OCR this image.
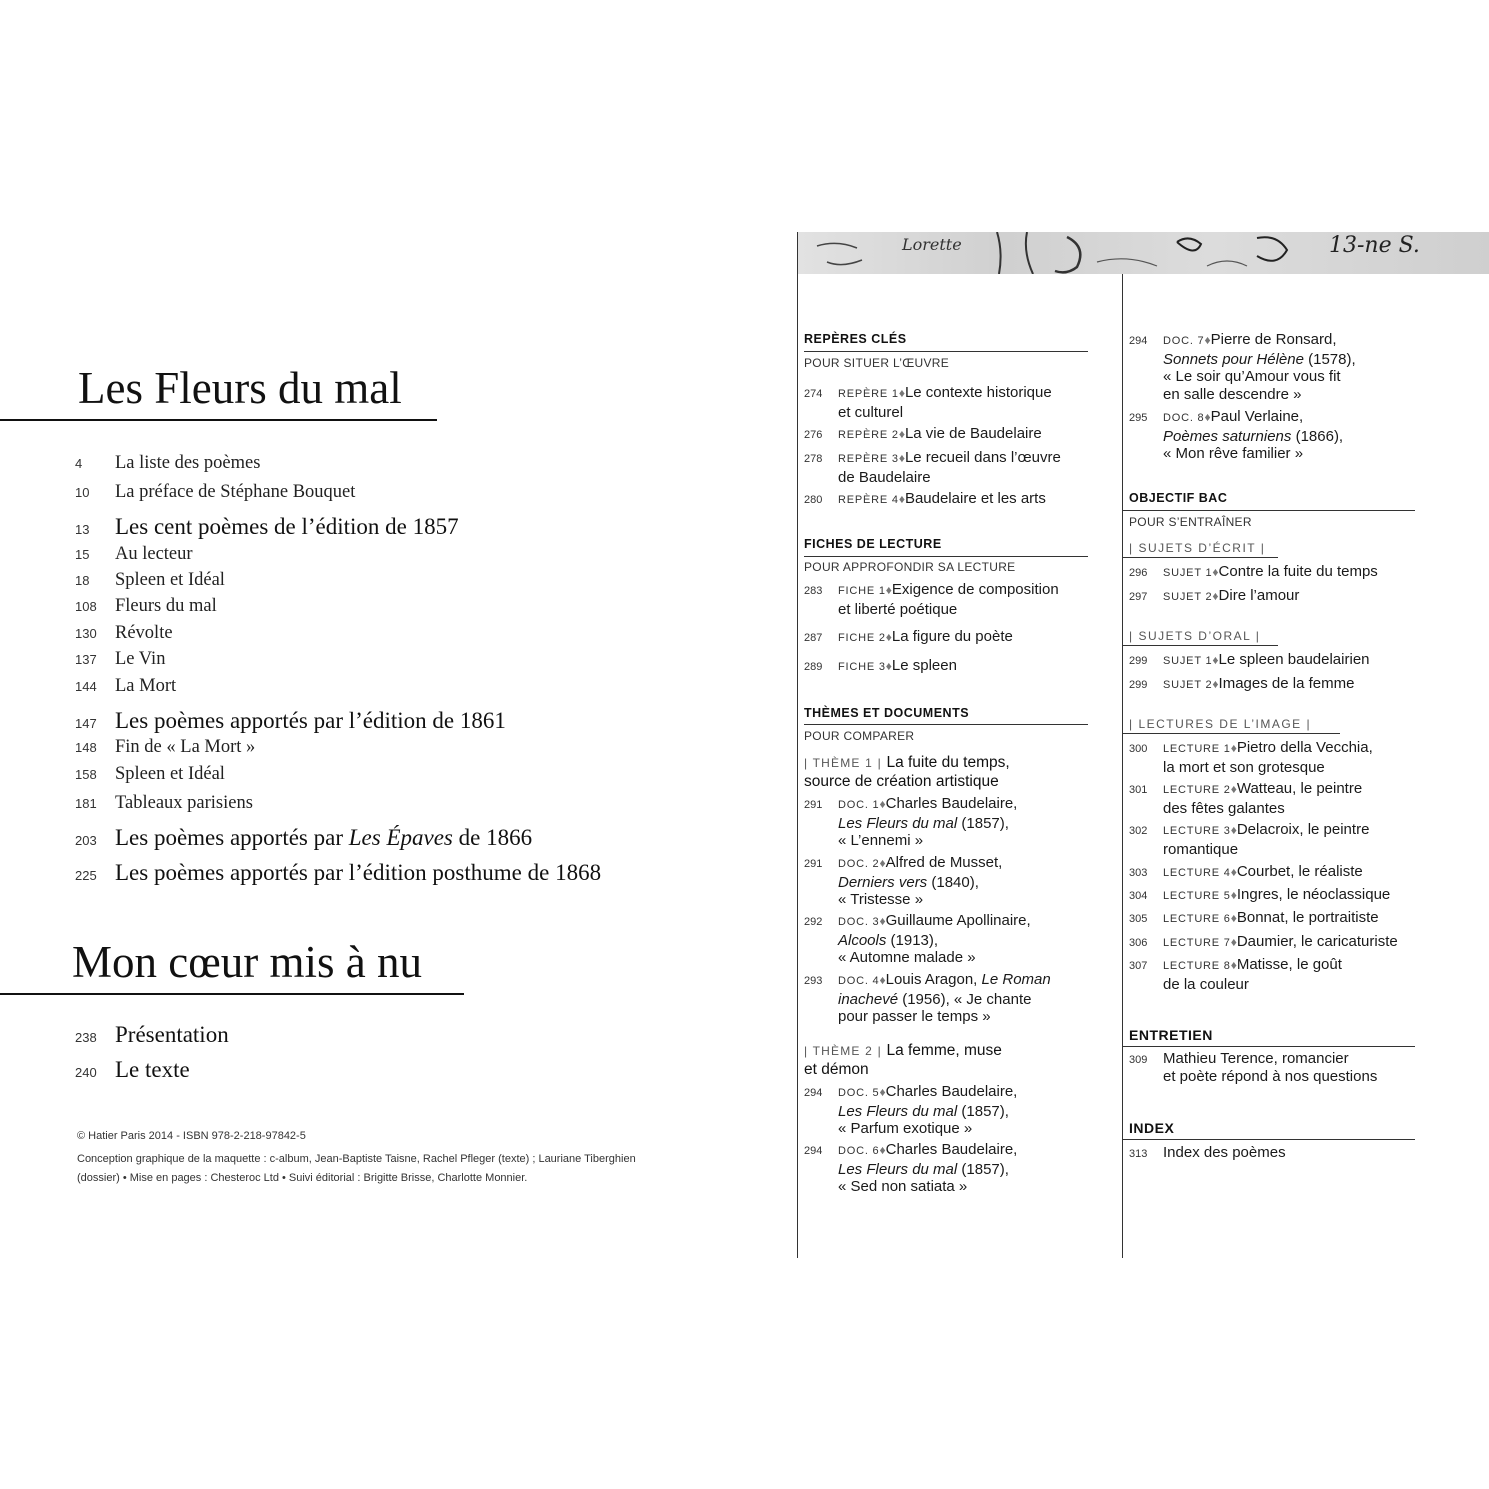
Les Fleurs du mal
4	La liste des poèmes
10	La préface de Stéphane Bouquet
13	Les cent poèmes de l’édition de 1857
15	Au lecteur
18	Spleen et Idéal
108 Fleurs du mal
130 Révolte
137 Le Vin
144 La Mort
147 Les poèmes apportés par l’édition de 1861
148 Fin de « La Mort »
158 Spleen et Idéal
181 Tableaux parisiens
203 Les poèmes apportés par Les Épaves de 1866
225 Les poèmes apportés par l’édition posthume de 1868
Mon cœur mis à nu
238 Présentation
240 Le texte
© Hatier Paris 2014 - ISBN 978-2-218-97842-5
Conception graphique de la maquette : c-album, Jean-Baptiste Taisne, Rachel Pfleger (texte) ; Lauriane Tiberghien
(dossier) • Mise en pages : Chesteroc Ltd • Suivi éditorial : Brigitte Brisse, Charlotte Monnier.
Lorette	13-ne S.
REPÈRES CLÉS
POUR SITUER L’ŒUVRE
274 REPÈRE 1♦Le contexte historique
et culturel
276 REPÈRE 2♦La vie de Baudelaire
278 REPÈRE 3♦Le recueil dans l’œuvre
de Baudelaire
280 REPÈRE 4♦Baudelaire et les arts
FICHES DE LECTURE
POUR APPROFONDIR SA LECTURE
283 FICHE 1♦Exigence de composition
et liberté poétique
287 FICHE 2♦La figure du poète
289 FICHE 3♦Le spleen
THÈMES ET DOCUMENTS
POUR COMPARER
| THÈME 1 | La fuite du temps,
source de création artistique
291 DOC. 1♦Charles Baudelaire,
Les Fleurs du mal (1857),
« L’ennemi »
291 DOC. 2♦Alfred de Musset,
Derniers vers (1840),
« Tristesse »
292 DOC. 3♦Guillaume Apollinaire,
Alcools (1913),
« Automne malade »
293 DOC. 4♦Louis Aragon, Le Roman
inachevé (1956), « Je chante
pour passer le temps »
| THÈME 2 | La femme, muse
et démon
294 DOC. 5♦Charles Baudelaire,
Les Fleurs du mal (1857),
« Parfum exotique »
294 DOC. 6♦Charles Baudelaire,
Les Fleurs du mal (1857),
« Sed non satiata »
294 DOC. 7♦Pierre de Ronsard,
Sonnets pour Hélène (1578),
« Le soir qu’Amour vous fit
en salle descendre »
295 DOC. 8♦Paul Verlaine,
Poèmes saturniens (1866),
« Mon rêve familier »
OBJECTIF BAC
POUR S’ENTRAÎNER
| SUJETS D’ÉCRIT |
296 SUJET 1♦Contre la fuite du temps
297 SUJET 2♦Dire l’amour
| SUJETS D’ORAL |
299 SUJET 1♦Le spleen baudelairien
299 SUJET 2♦Images de la femme
| LECTURES DE L’IMAGE |
300 LECTURE 1♦Pietro della Vecchia,
la mort et son grotesque
301 LECTURE 2♦Watteau, le peintre
des fêtes galantes
302 LECTURE 3♦Delacroix, le peintre
romantique
303 LECTURE 4♦Courbet, le réaliste
304 LECTURE 5♦Ingres, le néoclassique
305 LECTURE 6♦Bonnat, le portraitiste
306 LECTURE 7♦Daumier, le caricaturiste
307 LECTURE 8♦Matisse, le goût
de la couleur
ENTRETIEN
309 Mathieu Terence, romancier
et poète répond à nos questions
INDEX
313 Index des poèmes
